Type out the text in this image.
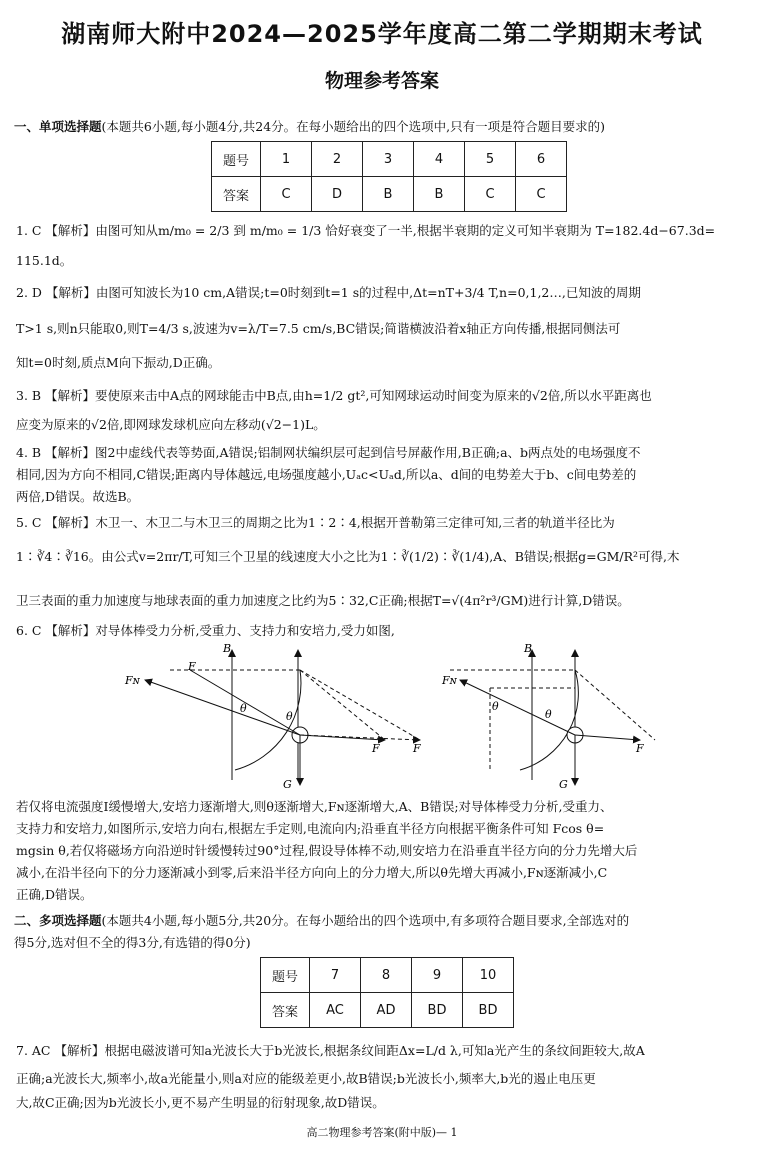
湖南师大附中2024—2025学年度高二第二学期期末考试
物理参考答案
一、单项选择题(本题共6小题,每小题4分,共24分。在每小题给出的四个选项中,只有一项是符合题目要求的)
题号	1	2	3	4	5	6
答案	C	D	B	B	C	C
1. C 【解析】由图可知从m/m₀ = 2/3 到 m/m₀ = 1/3 恰好衰变了一半,根据半衰期的定义可知半衰期为 T=182.4d−67.3d=
115.1d。
2. D 【解析】由图可知波长为10 cm,A错误;t=0时刻到t=1 s的过程中,Δt=nT+3/4 T,n=0,1,2…,已知波的周期
T>1 s,则n只能取0,则T=4/3 s,波速为v=λ/T=7.5 cm/s,BC错误;简谐横波沿着x轴正方向传播,根据同侧法可
知t=0时刻,质点M向下振动,D正确。
3. B 【解析】要使原来击中A点的网球能击中B点,由h=1/2 gt²,可知网球运动时间变为原来的√2倍,所以水平距离也
应变为原来的√2倍,即网球发球机应向左移动(√2−1)L。
4. B 【解析】图2中虚线代表等势面,A错误;铝制网状编织层可起到信号屏蔽作用,B正确;a、b两点处的电场强度不
相同,因为方向不相同,C错误;距离内导体越远,电场强度越小,Uₐc<Uₐd,所以a、d间的电势差大于b、c间电势差的
两倍,D错误。故选B。
5. C 【解析】木卫一、木卫二与木卫三的周期之比为1∶2∶4,根据开普勒第三定律可知,三者的轨道半径比为
1∶∛4∶∛16。由公式v=2πr/T,可知三个卫星的线速度大小之比为1∶∛(1/2)∶∛(1/4),A、B错误;根据g=GM/R²可得,木
卫三表面的重力加速度与地球表面的重力加速度之比约为5∶32,C正确;根据T=√(4π²r³/GM)进行计算,D错误。
6. C 【解析】对导体棒受力分析,受重力、支持力和安培力,受力如图,
Fɴ
F
B
θ
θ
F	F
G
Fɴ
B
θ
θ
F
G
若仅将电流强度I缓慢增大,安培力逐渐增大,则θ逐渐增大,Fɴ逐渐增大,A、B错误;对导体棒受力分析,受重力、
支持力和安培力,如图所示,安培力向右,根据左手定则,电流向内;沿垂直半径方向根据平衡条件可知 Fcos θ=
mgsin θ,若仅将磁场方向沿逆时针缓慢转过90°过程,假设导体棒不动,则安培力在沿垂直半径方向的分力先增大后
减小,在沿半径向下的分力逐渐减小到零,后来沿半径方向向上的分力增大,所以θ先增大再减小,Fɴ逐渐减小,C
正确,D错误。
二、多项选择题(本题共4小题,每小题5分,共20分。在每小题给出的四个选项中,有多项符合题目要求,全部选对的
得5分,选对但不全的得3分,有选错的得0分)
题号	7	8	9	10
答案	AC	AD	BD	BD
7. AC 【解析】根据电磁波谱可知a光波长大于b光波长,根据条纹间距Δx=L/d λ,可知a光产生的条纹间距较大,故A
正确;a光波长大,频率小,故a光能量小,则a对应的能级差更小,故B错误;b光波长小,频率大,b光的遏止电压更
大,故C正确;因为b光波长小,更不易产生明显的衍射现象,故D错误。
高二物理参考答案(附中版)— 1
